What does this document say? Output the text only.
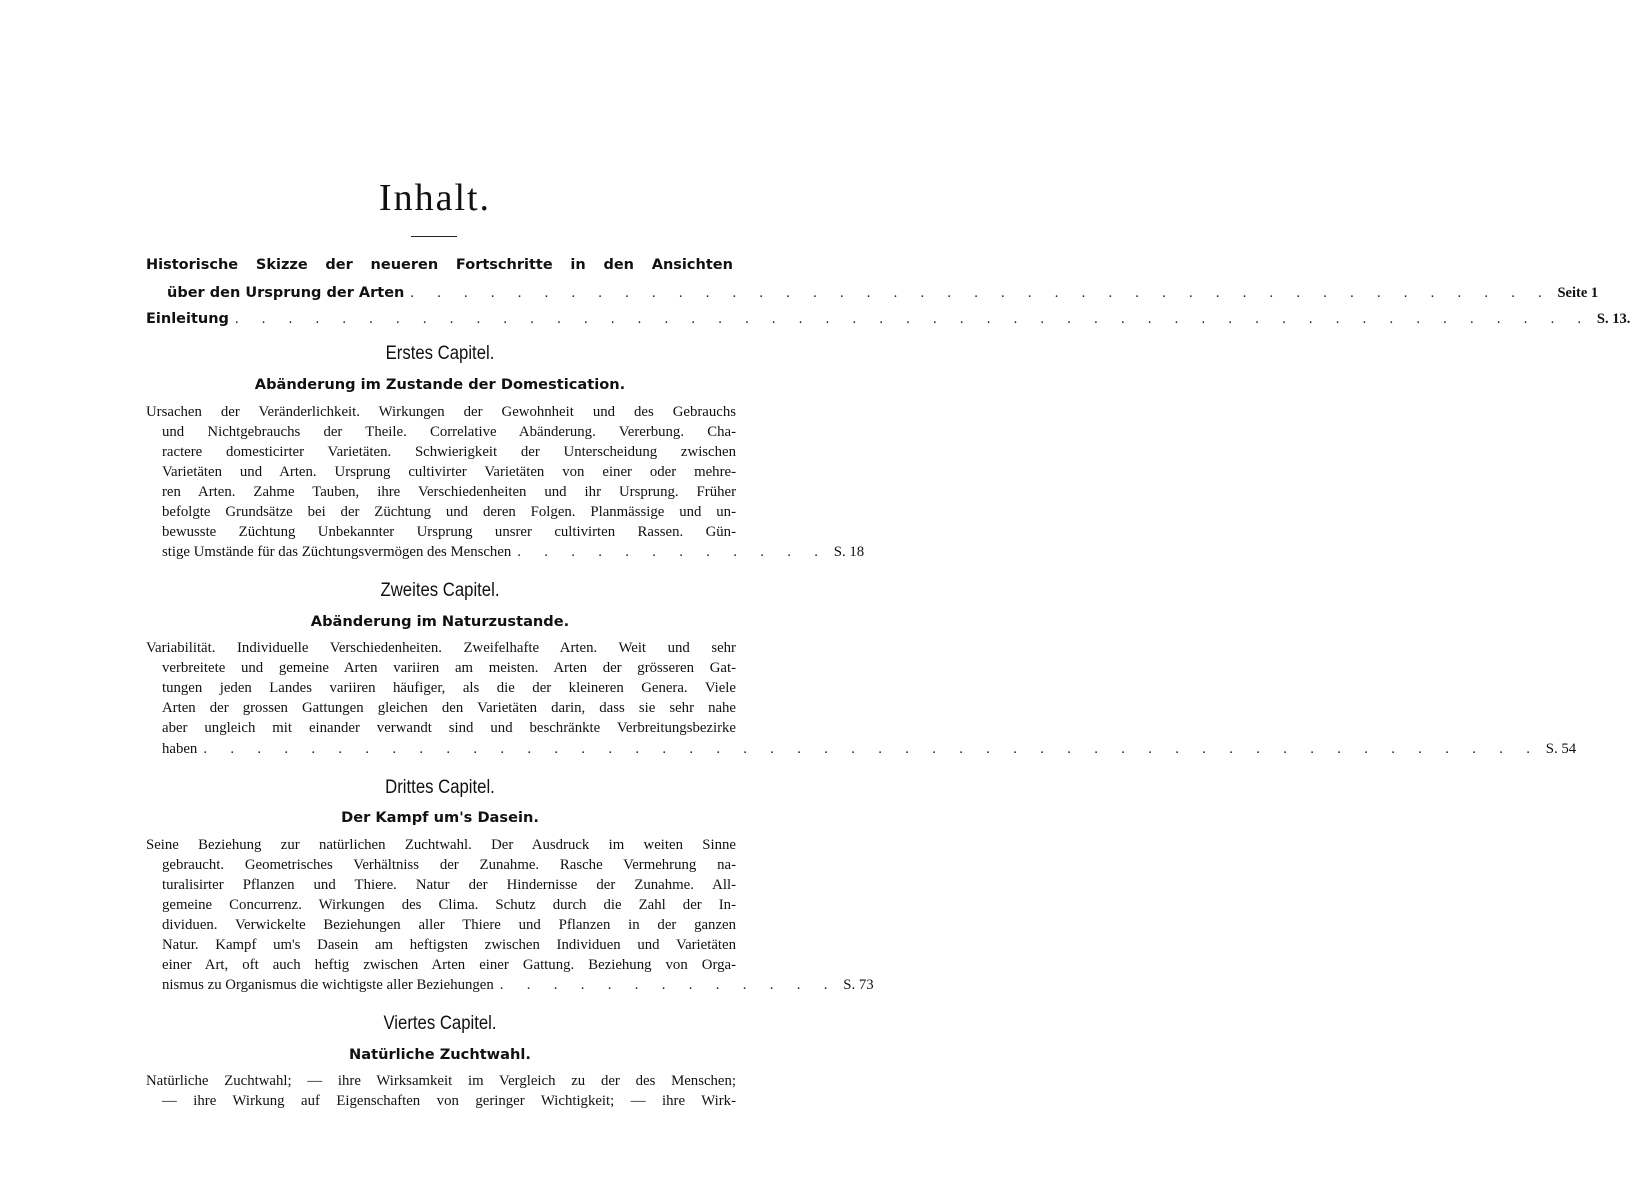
Inhalt.
Historische Skizze der neueren Fortschritte in den Ansichten
über den Ursprung der Arten . . . . . . . . . . . . . . . . . . . . . . . . . . . . . . . . . . . . . . . . . . . Seite 1
Einleitung . . . . . . . . . . . . . . . . . . . . . . . . . . . . . . . . . . . . . . . . . . . . . . . . . . . S. 13.
Erstes Capitel.
Abänderung im Zustande der Domestication.
Ursachen der Veränderlichkeit. Wirkungen der Gewohnheit und des Gebrauchs
und Nichtgebrauchs der Theile. Correlative Abänderung. Vererbung. Cha-
ractere domesticirter Varietäten. Schwierigkeit der Unterscheidung zwischen
Varietäten und Arten. Ursprung cultivirter Varietäten von einer oder mehre-
ren Arten. Zahme Tauben, ihre Verschiedenheiten und ihr Ursprung. Früher
befolgte Grundsätze bei der Züchtung und deren Folgen. Planmässige und un-
bewusste Züchtung Unbekannter Ursprung unsrer cultivirten Rassen. Gün-
stige Umstände für das Züchtungsvermögen des Menschen . . . . . . . . . . . . S. 18
Zweites Capitel.
Abänderung im Naturzustande.
Variabilität. Individuelle Verschiedenheiten. Zweifelhafte Arten. Weit und sehr
verbreitete und gemeine Arten variiren am meisten. Arten der grösseren Gat-
tungen jeden Landes variiren häufiger, als die der kleineren Genera. Viele
Arten der grossen Gattungen gleichen den Varietäten darin, dass sie sehr nahe
aber ungleich mit einander verwandt sind und beschränkte Verbreitungsbezirke
haben . . . . . . . . . . . . . . . . . . . . . . . . . . . . . . . . . . . . . . . . . . . . . . . . . . S. 54
Drittes Capitel.
Der Kampf um's Dasein.
Seine Beziehung zur natürlichen Zuchtwahl. Der Ausdruck im weiten Sinne
gebraucht. Geometrisches Verhältniss der Zunahme. Rasche Vermehrung na-
turalisirter Pflanzen und Thiere. Natur der Hindernisse der Zunahme. All-
gemeine Concurrenz. Wirkungen des Clima. Schutz durch die Zahl der In-
dividuen. Verwickelte Beziehungen aller Thiere und Pflanzen in der ganzen
Natur. Kampf um's Dasein am heftigsten zwischen Individuen und Varietäten
einer Art, oft auch heftig zwischen Arten einer Gattung. Beziehung von Orga-
nismus zu Organismus die wichtigste aller Beziehungen . . . . . . . . . . . . . S. 73
Viertes Capitel.
Natürliche Zuchtwahl.
Natürliche Zuchtwahl; — ihre Wirksamkeit im Vergleich zu der des Menschen;
— ihre Wirkung auf Eigenschaften von geringer Wichtigkeit; — ihre Wirk-
